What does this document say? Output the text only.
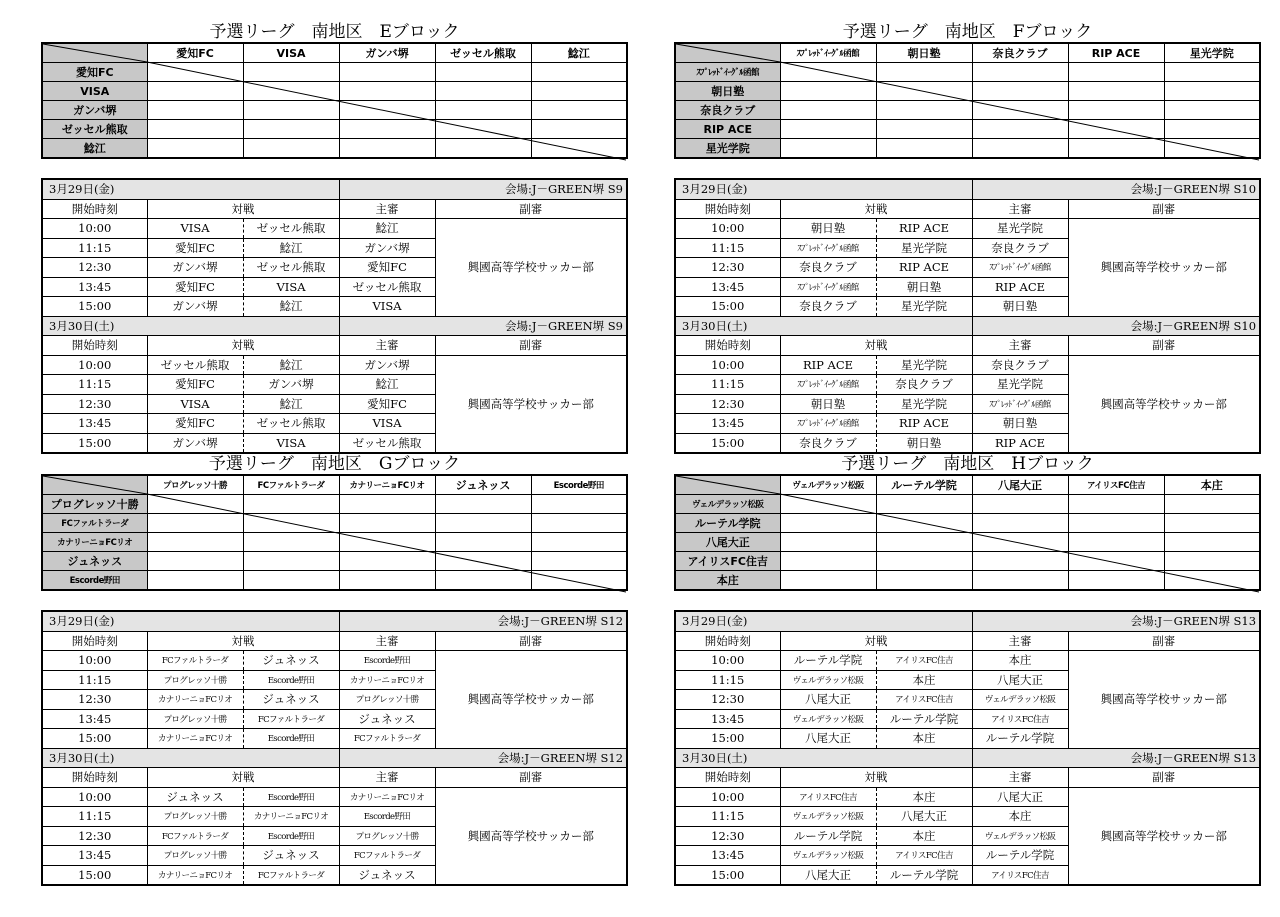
予選リーグ　南地区　Eブロック
	愛知FC	VISA	ガンバ堺	ゼッセル熊取	鯰江
愛知FC					
VISA					
ガンバ堺					
ゼッセル熊取					
鯰江					
3月29日(金)			会場:J－GREEN堺 S9	
開始時刻	対戦		主審	副審
10:00	VISA	ゼッセル熊取	鯰江	興國高等学校サッカー部
11:15	愛知FC	鯰江	ガンバ堺	
12:30	ガンバ堺	ゼッセル熊取	愛知FC	
13:45	愛知FC	VISA	ゼッセル熊取	
15:00	ガンバ堺	鯰江	VISA	
3月30日(土)			会場:J－GREEN堺 S9	
開始時刻	対戦		主審	副審
10:00	ゼッセル熊取	鯰江	ガンバ堺	興國高等学校サッカー部
11:15	愛知FC	ガンバ堺	鯰江	
12:30	VISA	鯰江	愛知FC	
13:45	愛知FC	ゼッセル熊取	VISA	
15:00	ガンバ堺	VISA	ゼッセル熊取	
予選リーグ　南地区　Fブロック
	ｽﾌﾟﾚｯﾄﾞｲｰｸﾞﾙ函館	朝日塾	奈良クラブ	RIP ACE	星光学院
ｽﾌﾟﾚｯﾄﾞｲｰｸﾞﾙ函館					
朝日塾					
奈良クラブ					
RIP ACE					
星光学院					
3月29日(金)			会場:J－GREEN堺 S10	
開始時刻	対戦		主審	副審
10:00	朝日塾	RIP ACE	星光学院	興國高等学校サッカー部
11:15	ｽﾌﾟﾚｯﾄﾞｲｰｸﾞﾙ函館	星光学院	奈良クラブ	
12:30	奈良クラブ	RIP ACE	ｽﾌﾟﾚｯﾄﾞｲｰｸﾞﾙ函館	
13:45	ｽﾌﾟﾚｯﾄﾞｲｰｸﾞﾙ函館	朝日塾	RIP ACE	
15:00	奈良クラブ	星光学院	朝日塾	
3月30日(土)			会場:J－GREEN堺 S10	
開始時刻	対戦		主審	副審
10:00	RIP ACE	星光学院	奈良クラブ	興國高等学校サッカー部
11:15	ｽﾌﾟﾚｯﾄﾞｲｰｸﾞﾙ函館	奈良クラブ	星光学院	
12:30	朝日塾	星光学院	ｽﾌﾟﾚｯﾄﾞｲｰｸﾞﾙ函館	
13:45	ｽﾌﾟﾚｯﾄﾞｲｰｸﾞﾙ函館	RIP ACE	朝日塾	
15:00	奈良クラブ	朝日塾	RIP ACE	
予選リーグ　南地区　Gブロック
	プログレッソ十勝	FCファルトラーダ	カナリーニョFCリオ	ジュネッス	Escorde野田
プログレッソ十勝					
FCファルトラーダ					
カナリーニョFCリオ					
ジュネッス					
Escorde野田					
3月29日(金)			会場:J－GREEN堺 S12	
開始時刻	対戦		主審	副審
10:00	FCファルトラーダ	ジュネッス	Escorde野田	興國高等学校サッカー部
11:15	プログレッソ十勝	Escorde野田	カナリーニョFCリオ	
12:30	カナリーニョFCリオ	ジュネッス	プログレッソ十勝	
13:45	プログレッソ十勝	FCファルトラーダ	ジュネッス	
15:00	カナリーニョFCリオ	Escorde野田	FCファルトラーダ	
3月30日(土)			会場:J－GREEN堺 S12	
開始時刻	対戦		主審	副審
10:00	ジュネッス	Escorde野田	カナリーニョFCリオ	興國高等学校サッカー部
11:15	プログレッソ十勝	カナリーニョFCリオ	Escorde野田	
12:30	FCファルトラーダ	Escorde野田	プログレッソ十勝	
13:45	プログレッソ十勝	ジュネッス	FCファルトラーダ	
15:00	カナリーニョFCリオ	FCファルトラーダ	ジュネッス	
予選リーグ　南地区　Hブロック
	ヴェルデラッソ松阪	ルーテル学院	八尾大正	アイリスFC住吉	本庄
ヴェルデラッソ松阪					
ルーテル学院					
八尾大正					
アイリスFC住吉					
本庄					
3月29日(金)			会場:J－GREEN堺 S13	
開始時刻	対戦		主審	副審
10:00	ルーテル学院	アイリスFC住吉	本庄	興國高等学校サッカー部
11:15	ヴェルデラッソ松阪	本庄	八尾大正	
12:30	八尾大正	アイリスFC住吉	ヴェルデラッソ松阪	
13:45	ヴェルデラッソ松阪	ルーテル学院	アイリスFC住吉	
15:00	八尾大正	本庄	ルーテル学院	
3月30日(土)			会場:J－GREEN堺 S13	
開始時刻	対戦		主審	副審
10:00	アイリスFC住吉	本庄	八尾大正	興國高等学校サッカー部
11:15	ヴェルデラッソ松阪	八尾大正	本庄	
12:30	ルーテル学院	本庄	ヴェルデラッソ松阪	
13:45	ヴェルデラッソ松阪	アイリスFC住吉	ルーテル学院	
15:00	八尾大正	ルーテル学院	アイリスFC住吉	
